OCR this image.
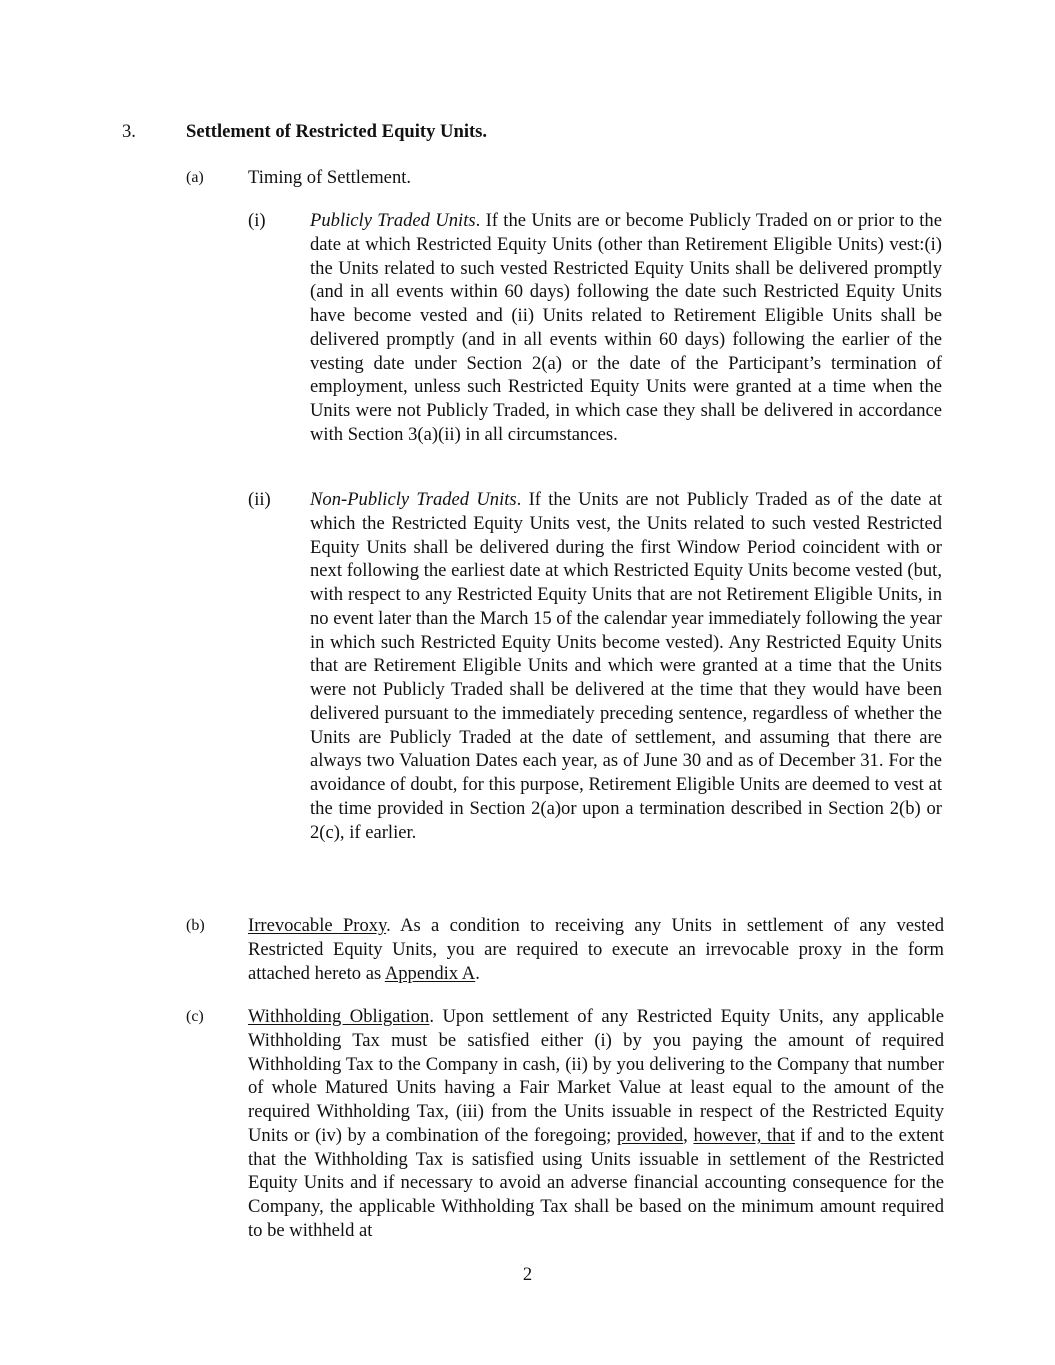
3.	Settlement of Restricted Equity Units.
(a) Timing of Settlement.
(i) Publicly Traded Units. If the Units are or become Publicly Traded on or prior to the date at which Restricted Equity Units (other than Retirement Eligible Units) vest:(i) the Units related to such vested Restricted Equity Units shall be delivered promptly (and in all events within 60 days) following the date such Restricted Equity Units have become vested and (ii) Units related to Retirement Eligible Units shall be delivered promptly (and in all events within 60 days) following the earlier of the vesting date under Section 2(a) or the date of the Participant’s termination of employment, unless such Restricted Equity Units were granted at a time when the Units were not Publicly Traded, in which case they shall be delivered in accordance with Section 3(a)(ii) in all circumstances.
(ii) Non-Publicly Traded Units. If the Units are not Publicly Traded as of the date at which the Restricted Equity Units vest, the Units related to such vested Restricted Equity Units shall be delivered during the first Window Period coincident with or next following the earliest date at which Restricted Equity Units become vested (but, with respect to any Restricted Equity Units that are not Retirement Eligible Units, in no event later than the March 15 of the calendar year immediately following the year in which such Restricted Equity Units become vested). Any Restricted Equity Units that are Retirement Eligible Units and which were granted at a time that the Units were not Publicly Traded shall be delivered at the time that they would have been delivered pursuant to the immediately preceding sentence, regardless of whether the Units are Publicly Traded at the date of settlement, and assuming that there are always two Valuation Dates each year, as of June 30 and as of December 31. For the avoidance of doubt, for this purpose, Retirement Eligible Units are deemed to vest at the time provided in Section 2(a)or upon a termination described in Section 2(b) or 2(c), if earlier.
(b) Irrevocable Proxy. As a condition to receiving any Units in settlement of any vested Restricted Equity Units, you are required to execute an irrevocable proxy in the form attached hereto as Appendix A.
(c) Withholding Obligation. Upon settlement of any Restricted Equity Units, any applicable Withholding Tax must be satisfied either (i) by you paying the amount of required Withholding Tax to the Company in cash, (ii) by you delivering to the Company that number of whole Matured Units having a Fair Market Value at least equal to the amount of the required Withholding Tax, (iii) from the Units issuable in respect of the Restricted Equity Units or (iv) by a combination of the foregoing; provided, however, that if and to the extent that the Withholding Tax is satisfied using Units issuable in settlement of the Restricted Equity Units and if necessary to avoid an adverse financial accounting consequence for the Company, the applicable Withholding Tax shall be based on the minimum amount required to be withheld at
2
